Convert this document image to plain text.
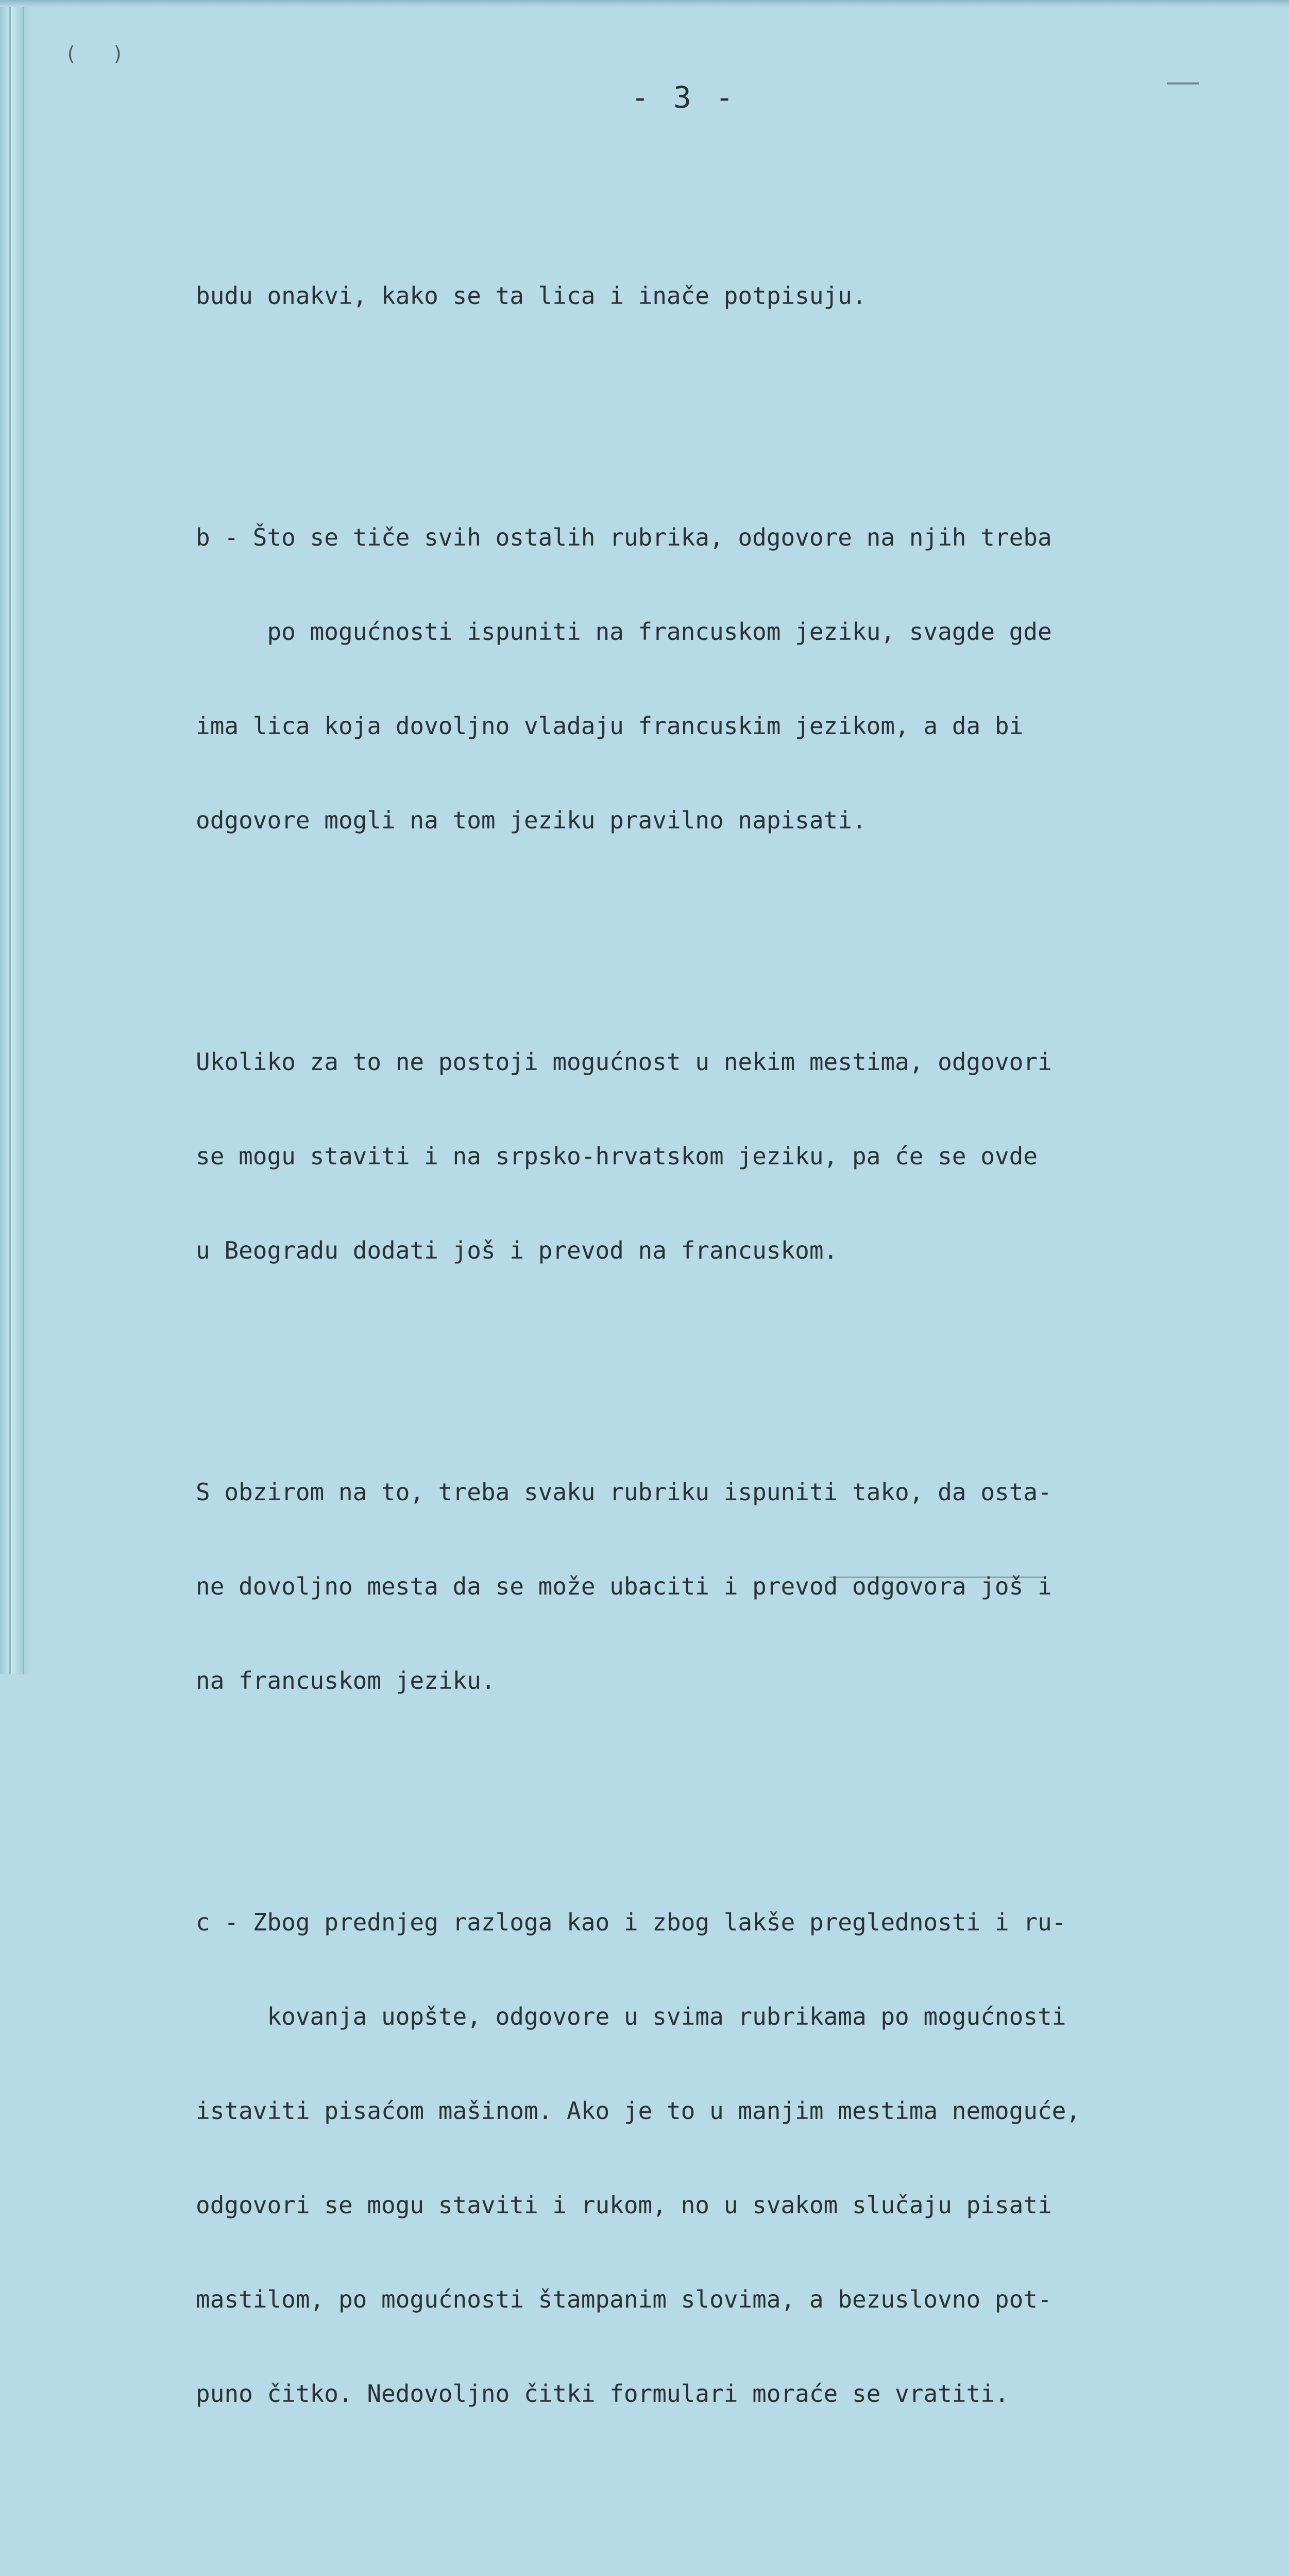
(   )
- 3 -

budu onakvi, kako se ta lica i inače potpisuju.

b - Što se tiče svih ostalih rubrika, odgovore na njih treba

po mogućnosti ispuniti na francuskom jeziku, svagde gde

ima lica koja dovoljno vladaju francuskim jezikom, a da bi

odgovore mogli na tom jeziku pravilno napisati.

Ukoliko za to ne postoji mogućnost u nekim mestima, odgovori

se mogu staviti i na srpsko-hrvatskom jeziku, pa će se ovde

u Beogradu dodati još i prevod na francuskom.

S obzirom na to, treba svaku rubriku ispuniti tako, da osta-

ne dovoljno mesta da se može ubaciti i prevod odgovora još i

na francuskom jeziku.

c - Zbog prednjeg razloga kao i zbog lakše preglednosti i ru-

kovanja uopšte, odgovore u svima rubrikama po mogućnosti

istaviti pisaćom mašinom. Ako je to u manjim mestima nemoguće,

odgovori se mogu staviti i rukom, no u svakom slučaju pisati

mastilom, po mogućnosti štampanim slovima, a bezuslovno pot-

puno čitko. Nedovoljno čitki formulari moraće se vratiti.
